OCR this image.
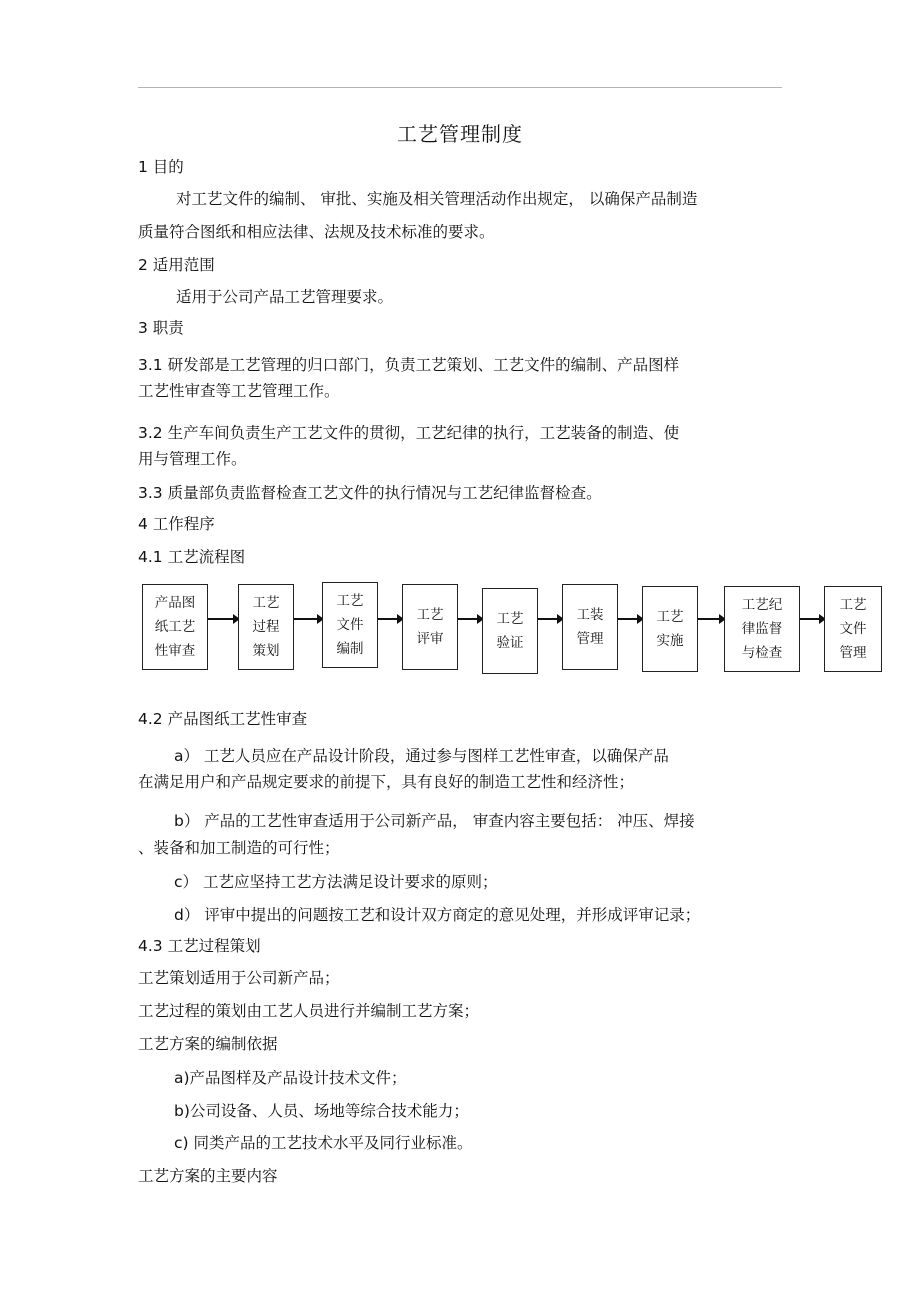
工艺管理制度
1 目的
对工艺文件的编制、 审批、实施及相关管理活动作出规定， 以确保产品制造
质量符合图纸和相应法律、法规及技术标准的要求。
2 适用范围
适用于公司产品工艺管理要求。
3 职责
3.1 研发部是工艺管理的归口部门，负责工艺策划、工艺文件的编制、产品图样
工艺性审查等工艺管理工作。
3.2 生产车间负责生产工艺文件的贯彻，工艺纪律的执行，工艺装备的制造、使
用与管理工作。
3.3 质量部负责监督检查工艺文件的执行情况与工艺纪律监督检查。
4 工作程序
4.1 工艺流程图
产品图
纸工艺
性审查
工艺
过程
策划
工艺
文件
编制
工艺
评审
工艺
验证
工装
管理
工艺
实施
工艺纪
律监督
与检查
工艺
文件
管理
4.2 产品图纸工艺性审查
a） 工艺人员应在产品设计阶段，通过参与图样工艺性审查，以确保产品
在满足用户和产品规定要求的前提下，具有良好的制造工艺性和经济性；
b） 产品的工艺性审查适用于公司新产品， 审查内容主要包括： 冲压、焊接
、装备和加工制造的可行性；
c） 工艺应坚持工艺方法满足设计要求的原则；
d） 评审中提出的问题按工艺和设计双方商定的意见处理，并形成评审记录；
4.3 工艺过程策划
工艺策划适用于公司新产品；
工艺过程的策划由工艺人员进行并编制工艺方案；
工艺方案的编制依据
a)产品图样及产品设计技术文件；
b)公司设备、人员、场地等综合技术能力；
c) 同类产品的工艺技术水平及同行业标准。
工艺方案的主要内容
